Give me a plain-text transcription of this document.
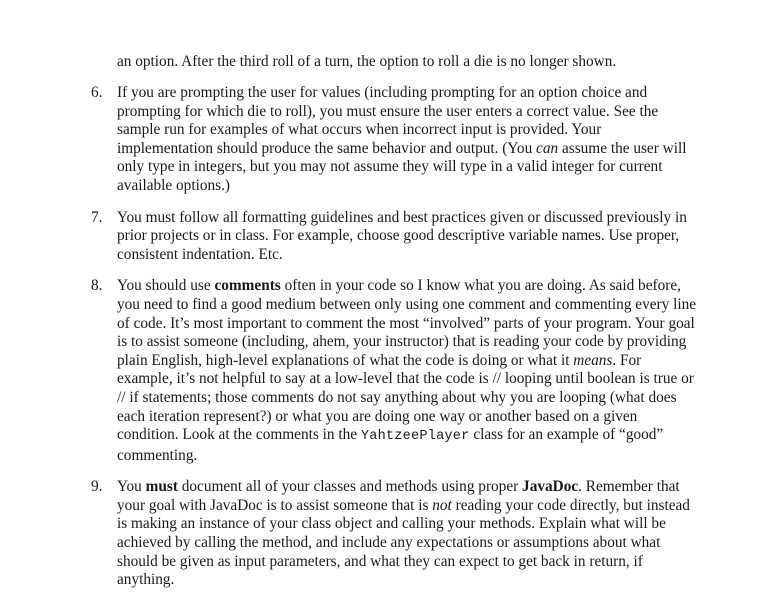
an option. After the third roll of a turn, the option to roll a die is no longer shown.

6. If you are prompting the user for values (including prompting for an option choice and prompting for which die to roll), you must ensure the user enters a correct value. See the sample run for examples of what occurs when incorrect input is provided. Your implementation should produce the same behavior and output. (You can assume the user will only type in integers, but you may not assume they will type in a valid integer for current available options.)
7. You must follow all formatting guidelines and best practices given or discussed previously in prior projects or in class. For example, choose good descriptive variable names. Use proper, consistent indentation. Etc.
8. You should use comments often in your code so I know what you are doing. As said before, you need to find a good medium between only using one comment and commenting every line of code. It’s most important to comment the most “involved” parts of your program. Your goal is to assist someone (including, ahem, your instructor) that is reading your code by providing plain English, high-level explanations of what the code is doing or what it means. For example, it’s not helpful to say at a low-level that the code is // looping until boolean is true or // if statements; those comments do not say anything about why you are looping (what does each iteration represent?) or what you are doing one way or another based on a given condition. Look at the comments in the YahtzeePlayer class for an example of “good” commenting.
9. You must document all of your classes and methods using proper JavaDoc. Remember that your goal with JavaDoc is to assist someone that is not reading your code directly, but instead is making an instance of your class object and calling your methods. Explain what will be achieved by calling the method, and include any expectations or assumptions about what should be given as input parameters, and what they can expect to get back in return, if anything.
